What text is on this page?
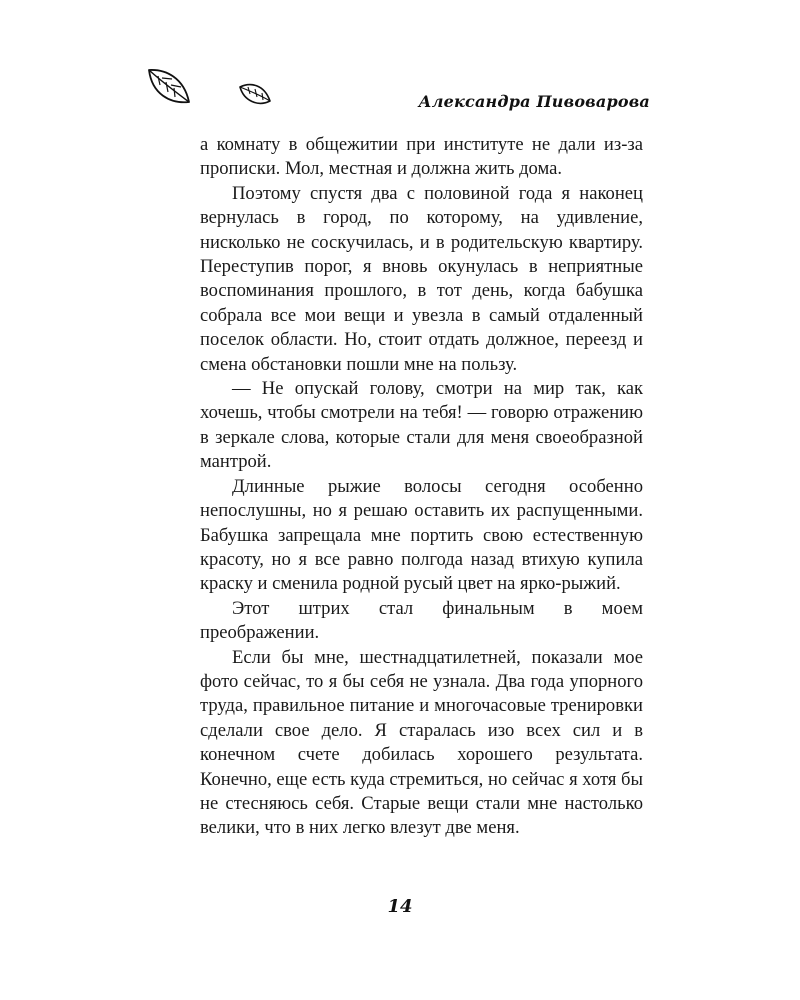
Александра Пивоварова

а комнату в общежитии при институте не дали из-за прописки. Мол, местная и должна жить дома.

Поэтому спустя два с половиной года я наконец вернулась в город, по которому, на удивление, нисколько не соскучилась, и в родительскую квартиру. Переступив порог, я вновь окунулась в неприятные воспоминания прошлого, в тот день, когда бабушка собрала все мои вещи и увезла в самый отдаленный поселок области. Но, стоит отдать должное, переезд и смена обстановки пошли мне на пользу.

— Не опускай голову, смотри на мир так, как хочешь, чтобы смотрели на тебя! — говорю отражению в зеркале слова, которые стали для меня своеобразной мантрой.

Длинные рыжие волосы сегодня особенно непослушны, но я решаю оставить их распущенными. Бабушка запрещала мне портить свою естественную красоту, но я все равно полгода назад втихую купила краску и сменила родной русый цвет на ярко-рыжий.

Этот штрих стал финальным в моем преображении.

Если бы мне, шестнадцатилетней, показали мое фото сейчас, то я бы себя не узнала. Два года упорного труда, правильное питание и многочасовые тренировки сделали свое дело. Я старалась изо всех сил и в конечном счете добилась хорошего результата. Конечно, еще есть куда стремиться, но сейчас я хотя бы не стесняюсь себя. Старые вещи стали мне настолько велики, что в них легко влезут две меня.

14
